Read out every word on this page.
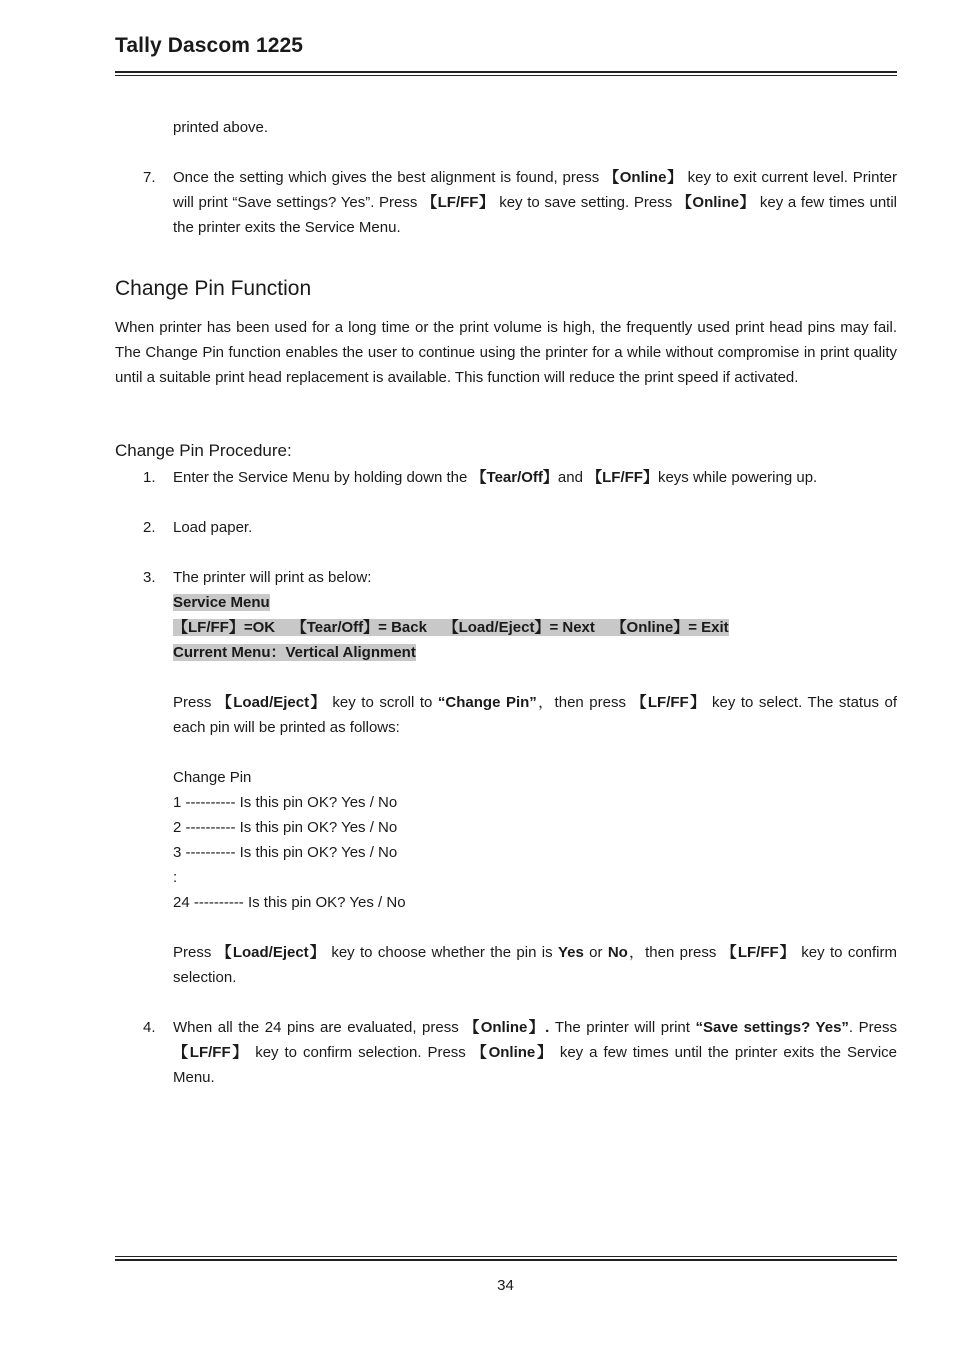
Tally Dascom 1225
printed above.
7. Once the setting which gives the best alignment is found, press 【Online】 key to exit current level. Printer will print “Save settings? Yes”. Press 【LF/FF】 key to save setting. Press 【Online】 key a few times until the printer exits the Service Menu.
Change Pin Function
When printer has been used for a long time or the print volume is high, the frequently used print head pins may fail. The Change Pin function enables the user to continue using the printer for a while without compromise in print quality until a suitable print head replacement is available. This function will reduce the print speed if activated.
Change Pin Procedure:
1. Enter the Service Menu by holding down the 【Tear/Off】and 【LF/FF】keys while powering up.
2. Load paper.
3. The printer will print as below:
Service Menu
【LF/FF】=OK    【Tear/Off】= Back    【Load/Eject】= Next    【Online】= Exit
Current Menu：Vertical Alignment
Press 【Load/Eject】 key to scroll to “Change Pin”，then press 【LF/FF】 key to select. The status of each pin will be printed as follows:
Change Pin
1 ---------- Is this pin OK? Yes / No
2 ---------- Is this pin OK? Yes / No
3 ---------- Is this pin OK? Yes / No
:
24 ---------- Is this pin OK? Yes / No
Press 【Load/Eject】 key to choose whether the pin is Yes or No，then press 【LF/FF】 key to confirm selection.
4. When all the 24 pins are evaluated, press 【Online】. The printer will print “Save settings? Yes”. Press 【LF/FF】 key to confirm selection. Press 【Online】 key a few times until the printer exits the Service Menu.
34
